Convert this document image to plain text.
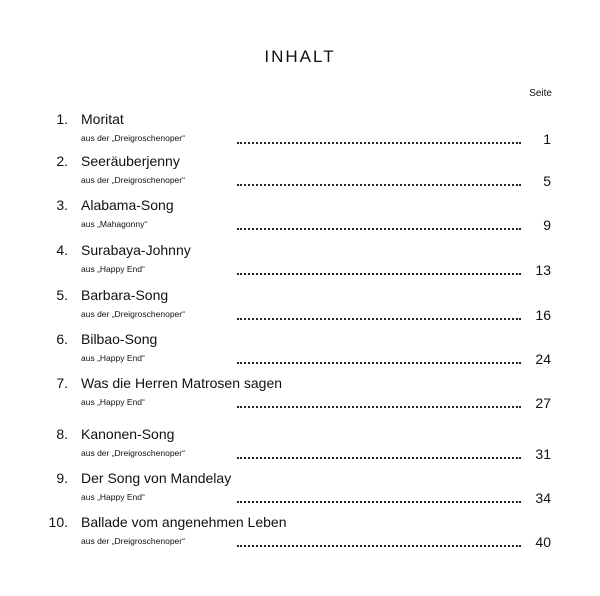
INHALT
Seite
1. Moritat
aus der „Dreigroschenoper“	1
2. Seeräuberjenny
aus der „Dreigroschenoper“	5
3. Alabama-Song
aus „Mahagonny“	9
4. Surabaya-Johnny
aus „Happy End“	13
5. Barbara-Song
aus der „Dreigroschenoper“	16
6. Bilbao-Song
aus „Happy End“	24
7. Was die Herren Matrosen sagen
aus „Happy End“	27
8. Kanonen-Song
aus der „Dreigroschenoper“	31
9. Der Song von Mandelay
aus „Happy End“	34
10. Ballade vom angenehmen Leben
aus der „Dreigroschenoper“	40
